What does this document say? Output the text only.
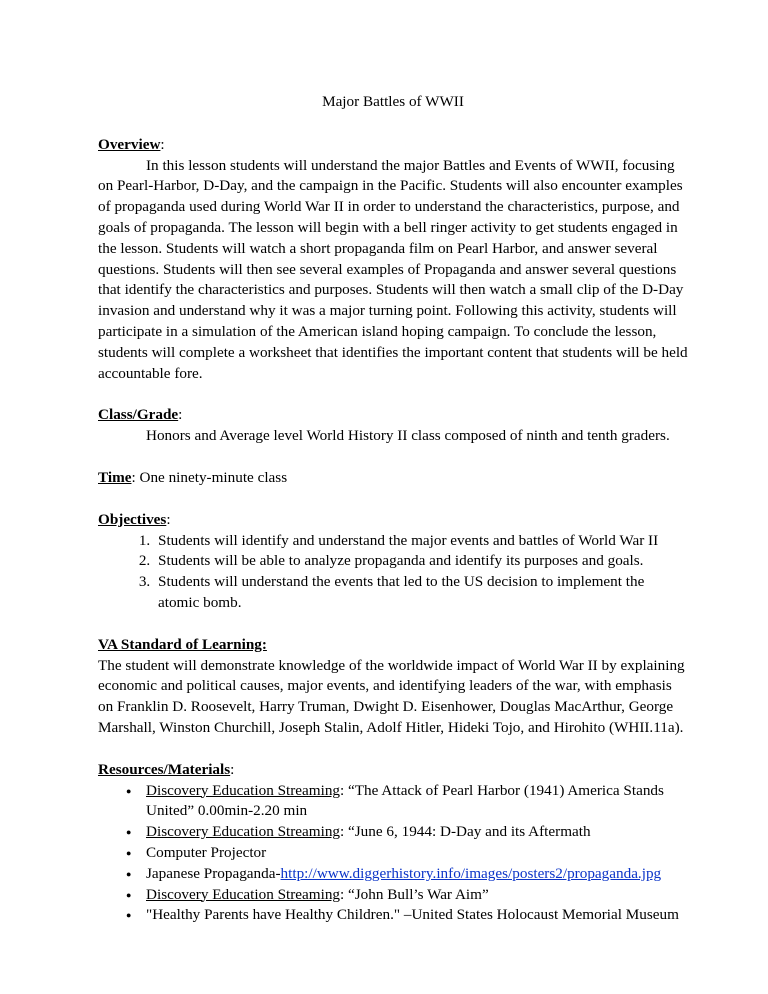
Major Battles of WWII
Overview:

In this lesson students will understand the major Battles and Events of WWII, focusing on Pearl-Harbor, D-Day, and the campaign in the Pacific. Students will also encounter examples of propaganda used during World War II in order to understand the characteristics, purpose, and goals of propaganda. The lesson will begin with a bell ringer activity to get students engaged in the lesson. Students will watch a short propaganda film on Pearl Harbor, and answer several questions. Students will then see several examples of Propaganda and answer several questions that identify the characteristics and purposes. Students will then watch a small clip of the D-Day invasion and understand why it was a major turning point. Following this activity, students will participate in a simulation of the American island hoping campaign. To conclude the lesson, students will complete a worksheet that identifies the important content that students will be held accountable fore.

Class/Grade:

Honors and Average level World History II class composed of ninth and tenth graders.

Time: One ninety-minute class
Objectives:
1. Students will identify and understand the major events and battles of World War II
2. Students will be able to analyze propaganda and identify its purposes and goals.
3. Students will understand the events that led to the US decision to implement the atomic bomb.
VA Standard of Learning:

The student will demonstrate knowledge of the worldwide impact of World War II by explaining economic and political causes, major events, and identifying leaders of the war, with emphasis on Franklin D. Roosevelt, Harry Truman, Dwight D. Eisenhower, Douglas MacArthur, George Marshall, Winston Churchill, Joseph Stalin, Adolf Hitler, Hideki Tojo, and Hirohito (WHII.11a).

Resources/Materials:
● Discovery Education Streaming: “The Attack of Pearl Harbor (1941) America Stands United” 0.00min-2.20 min
● Discovery Education Streaming: “June 6, 1944: D-Day and its Aftermath
● Computer Projector
● Japanese Propaganda-http://www.diggerhistory.info/images/posters2/propaganda.jpg
● Discovery Education Streaming: “John Bull’s War Aim”
● "Healthy Parents have Healthy Children." –United States Holocaust Memorial Museum
